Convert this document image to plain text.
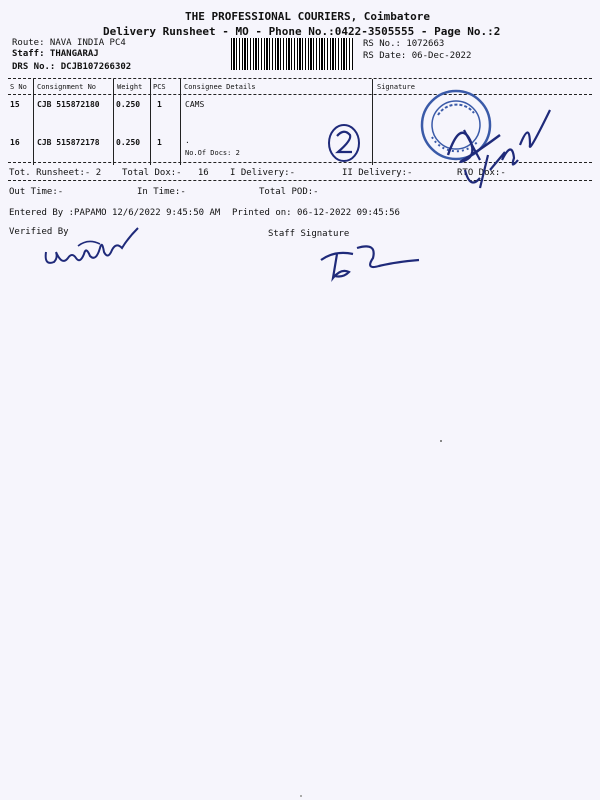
THE PROFESSIONAL COURIERS, Coimbatore
Delivery Runsheet - MO - Phone No.:0422-3505555 - Page No.:2
Route: NAVA INDIA PC4
Staff: THANGARAJ
DRS No.: DCJB107266302
RS No.: 1072663
RS Date: 06-Dec-2022
S No Consignment No	Weight PCS	Consignee Details	Signature
15 CJB 515872180 0.250 1	CAMS
16 CJB 515872178 0.250 1	.
No.Of Docs: 2
Tot. Runsheet:- 2 Total Dox:-   16 I Delivery:-	II Delivery:-	RTO Dox:-
Out Time:-	In Time:-	Total POD:-
Entered By :PAPAMO 12/6/2022 9:45:50 AM Printed on: 06-12-2022 09:45:56
Verified By	Staff Signature
